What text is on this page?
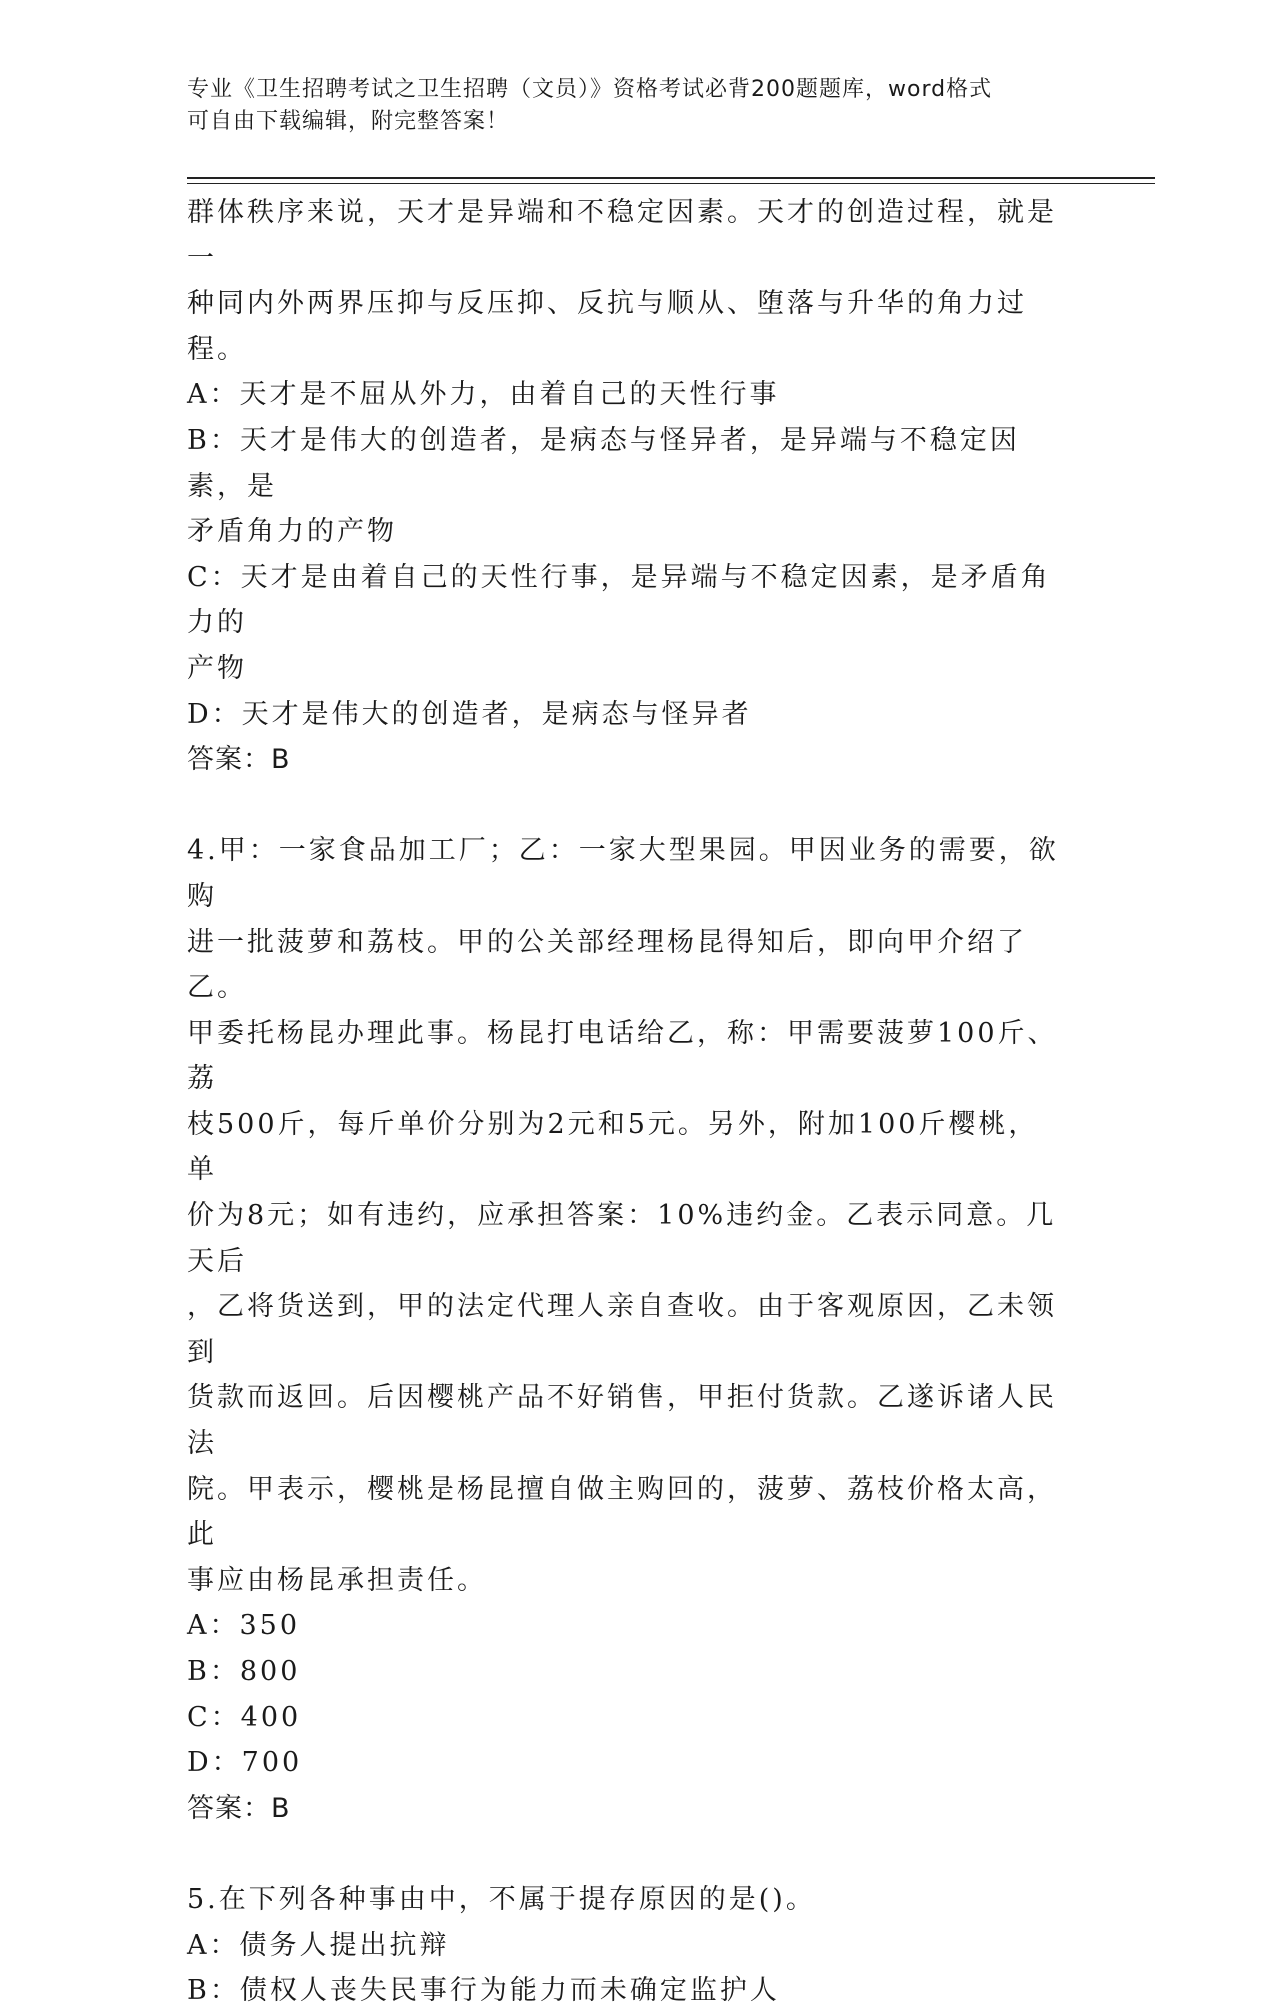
专业《卫生招聘考试之卫生招聘（文员）》资格考试必背200题题库，word格式
可自由下载编辑，附完整答案！

群体秩序来说，天才是异端和不稳定因素。天才的创造过程，就是一

种同内外两界压抑与反压抑、反抗与顺从、堕落与升华的角力过程。

A：天才是不屈从外力，由着自己的天性行事

B：天才是伟大的创造者，是病态与怪异者，是异端与不稳定因素，是

矛盾角力的产物

C：天才是由着自己的天性行事，是异端与不稳定因素，是矛盾角力的

产物

D：天才是伟大的创造者，是病态与怪异者

答案：B

4.甲：一家食品加工厂；乙：一家大型果园。甲因业务的需要，欲购

进一批菠萝和荔枝。甲的公关部经理杨昆得知后，即向甲介绍了乙。

甲委托杨昆办理此事。杨昆打电话给乙，称：甲需要菠萝100斤、荔

枝500斤，每斤单价分别为2元和5元。另外，附加100斤樱桃，单

价为8元；如有违约，应承担答案：10%违约金。乙表示同意。几天后

，乙将货送到，甲的法定代理人亲自查收。由于客观原因，乙未领到

货款而返回。后因樱桃产品不好销售，甲拒付货款。乙遂诉诸人民法

院。甲表示，樱桃是杨昆擅自做主购回的，菠萝、荔枝价格太高，此

事应由杨昆承担责任。

A：350

B：800

C：400

D：700

答案：B

5.在下列各种事由中，不属于提存原因的是()。

A：债务人提出抗辩

B：债权人丧失民事行为能力而未确定监护人
